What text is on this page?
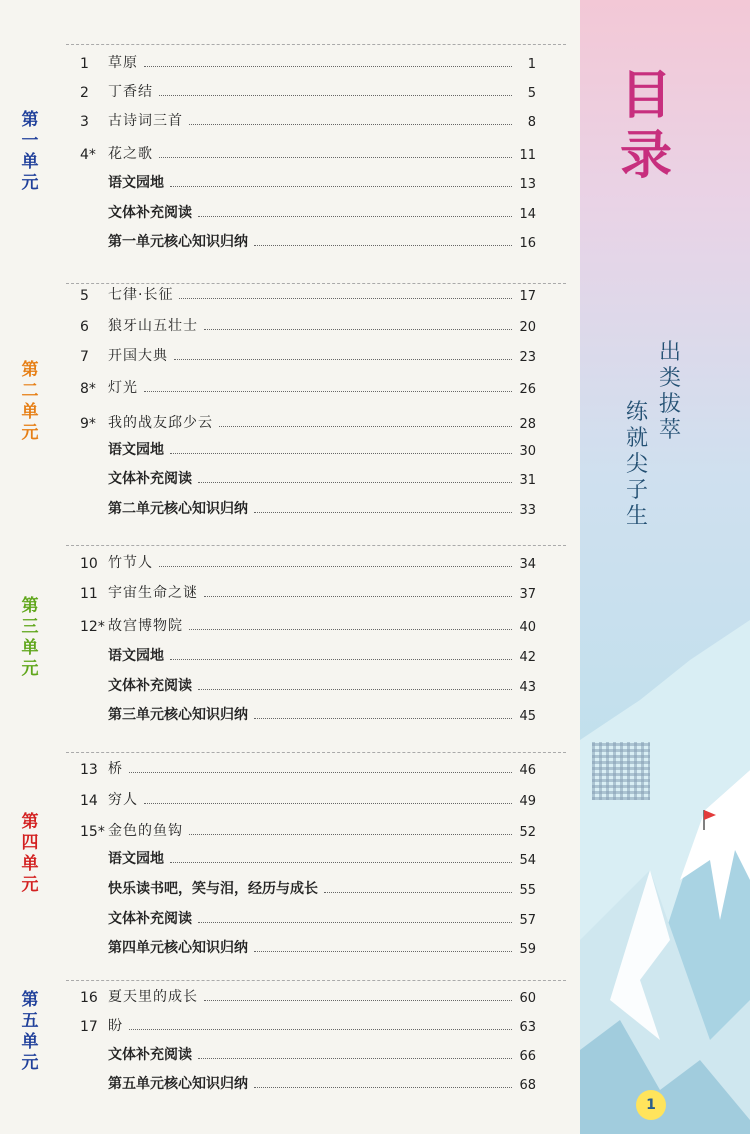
目
录
出
类
拔
萃
练
就
尖
子
生
1
第
一
单
元
第
二
单
元
第
三
单
元
第
四
单
元
第
五
单
元
1	草原	1
2	丁香结	5
3	古诗词三首	8
4* 花之歌	11
语文园地	13
文体补充阅读	14
第一单元核心知识归纳	16
5	七律·长征	17
6	狼牙山五壮士	20
7	开国大典	23
8* 灯光	26
9* 我的战友邱少云	28
语文园地	30
文体补充阅读	31
第二单元核心知识归纳	33
10 竹节人	34
11 宇宙生命之谜	37
12* 故宫博物院	40
语文园地	42
文体补充阅读	43
第三单元核心知识归纳	45
13 桥	46
14 穷人	49
15* 金色的鱼钩	52
语文园地	54
快乐读书吧，笑与泪，经历与成长	55
文体补充阅读	57
第四单元核心知识归纳	59
16 夏天里的成长	60
17 盼	63
文体补充阅读	66
第五单元核心知识归纳	68
